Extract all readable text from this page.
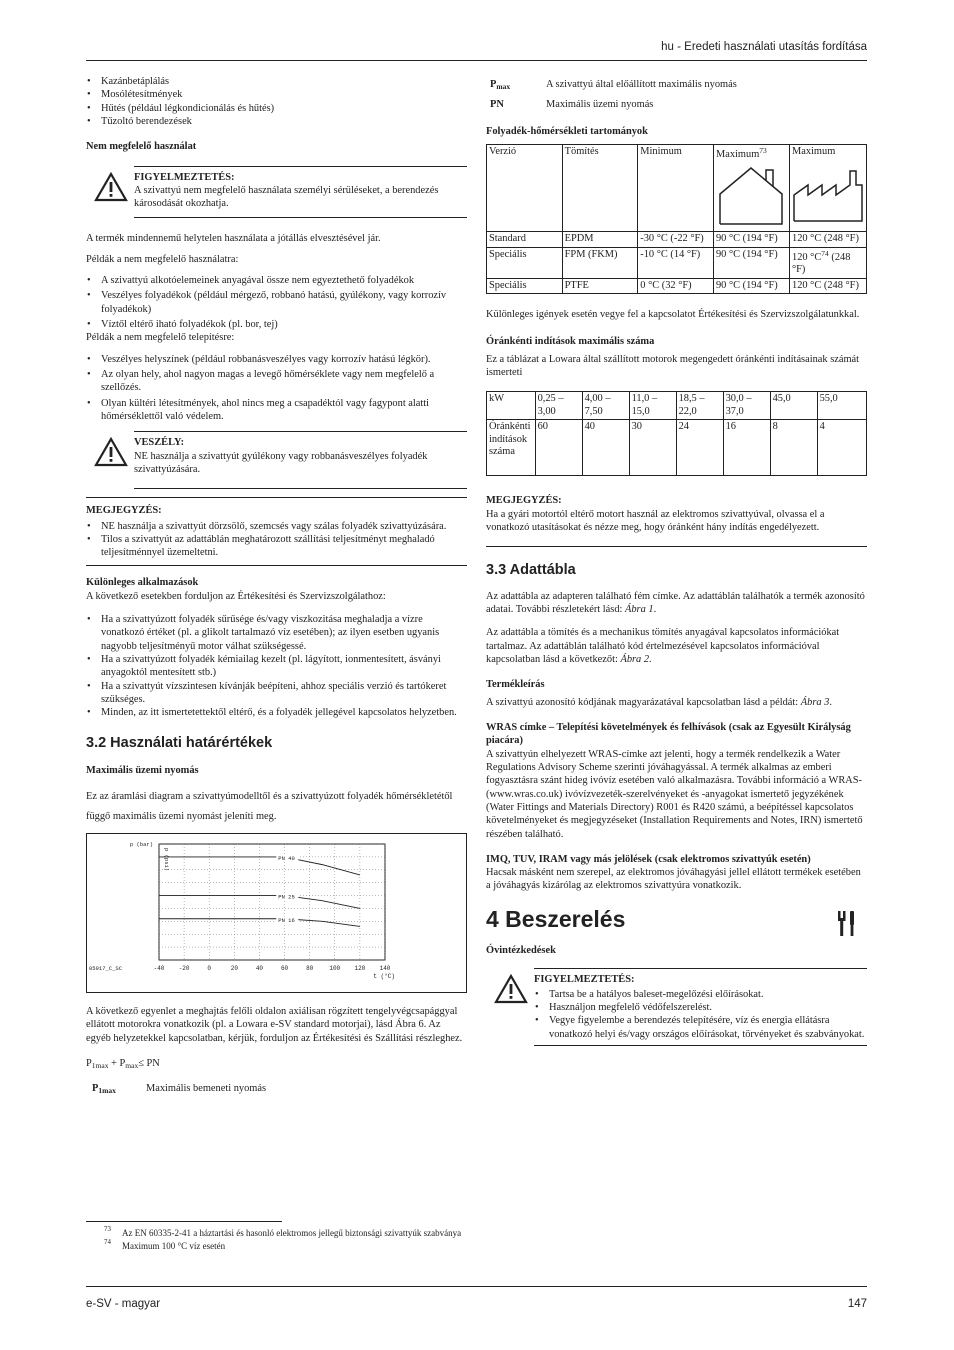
hu - Eredeti használati utasítás fordítása
• Kazánbetáplálás
• Mosólétesítmények
• Hűtés (például légkondicionálás és hűtés)
• Tűzoltó berendezések
Nem megfelelő használat
FIGYELMEZTETÉS:
A szivattyú nem megfelelő használata személyi sérüléseket, a berendezés károsodását okozhatja.
A termék mindennemű helytelen használata a jótállás elvesztésével jár.
Példák a nem megfelelő használatra:
• A szivattyú alkotóelemeinek anyagával össze nem egyeztethető folyadékok
• Veszélyes folyadékok (például mérgező, robbanó hatású, gyúlékony, vagy korrozív folyadékok)
• Víztől eltérő iható folyadékok (pl. bor, tej)
Példák a nem megfelelő telepítésre:
• Veszélyes helyszínek (például robbanásveszélyes vagy korrozív hatású légkör).
• Az olyan hely, ahol nagyon magas a levegő hőmérséklete vagy nem megfelelő a szellőzés.
• Olyan kültéri létesítmények, ahol nincs meg a csapadéktól vagy fagypont alatti hőmérséklettől való védelem.
VESZÉLY:
NE használja a szivattyút gyúlékony vagy robbanásveszélyes folyadék szivattyúzására.
MEGJEGYZÉS:
• NE használja a szivattyút dörzsölő, szemcsés vagy szálas folyadék szivattyúzására.
• Tilos a szivattyút az adattáblán meghatározott szállítási teljesítményt meghaladó teljesítménnyel üzemeltetni.
Különleges alkalmazások
A következő esetekben forduljon az Értékesítési és Szervizszolgálathoz:
• Ha a szivattyúzott folyadék sűrűsége és/vagy viszkozitása meghaladja a vízre vonatkozó értéket (pl. a glikolt tartalmazó víz esetében); az ilyen esetben ugyanis nagyobb teljesítményű motor válhat szükségessé.
• Ha a szivattyúzott folyadék kémiailag kezelt (pl. lágyított, ionmentesített, ásványi anyagoktól mentesített stb.)
• Ha a szivattyút vízszintesen kívánják beépíteni, ahhoz speciális verzió és tartókeret szükséges.
• Minden, az itt ismertetettektől eltérő, és a folyadék jellegével kapcsolatos helyzetben.
3.2 Használati határértékek
Maximális üzemi nyomás
Ez az áramlási diagram a szivattyúmodelltől és a szivattyúzott folyadék hőmérsékletétől függő maximális üzemi nyomást jeleníti meg.
-40 -20	0	20	40	60	80	100 120 140
p (bar)
p (psi)
t (°C)
05917_C_SC
PN 40
PN 25
PN 16
A következő egyenlet a meghajtás felőli oldalon axiálisan rögzített tengelyvégcsapággyal ellátott motorokra vonatkozik (pl. a Lowara e-SV standard motorjai), lásd Ábra 6. Az egyéb helyzetekkel kapcsolatban, kérjük, forduljon az Értékesítési és Szállítási részleghez.
$P_{1max} + P_{max}\le$ PN
$P_{1max}$	Maximális bemeneti nyomás
$P_{max}$	A szivattyú által előállított maximális nyomás
PN	Maximális üzemi nyomás
Folyadék-hőmérsékleti tartományok
Verzió	Tömítés	Minimum	Maximum$^{73}$	Maximum

Standard	EPDM	-30 °C (-22 °F)	90 °C (194 °F)	120 °C (248 °F)
Speciális	FPM (FKM)	-10 °C (14 °F)	90 °C (194 °F)	120 $^\circ C^{74}$ (248 °F)
Speciális	PTFE	0 °C (32 °F)	90 °C (194 °F)	120 °C (248 °F)
Különleges igények esetén vegye fel a kapcsolatot Értékesítési és Szervizszolgálatunkkal.
Óránkénti indítások maximális száma
Ez a táblázat a Lowara által szállított motorok megengedett óránkénti indításainak számát ismerteti
kW	0,25 – 3,00	4,00 – 7,50	11,0 – 15,0	18,5 – 22,0	30,0 – 37,0	45,0	55,0
Óránkénti indítások száma	60	40	30	24	16	8	4
MEGJEGYZÉS:
Ha a gyári motortól eltérő motort használ az elektromos szivattyúval, olvassa el a vonatkozó utasításokat és nézze meg, hogy óránként hány indítás engedélyezett.
3.3 Adattábla
Az adattábla az adapteren található fém címke. Az adattáblán találhatók a termék azonosító adatai. További részletekért lásd: Ábra 1.
Az adattábla a tömítés és a mechanikus tömítés anyagával kapcsolatos információkat tartalmaz. Az adattáblán található kód értelmezésével kapcsolatos információval kapcsolatban lásd a következőt: Ábra 2.
Termékleírás
A szivattyú azonosító kódjának magyarázatával kapcsolatban lásd a példát: Ábra 3.
WRAS címke – Telepítési követelmények és felhívások (csak az Egyesült Királyság piacára)
A szivattyún elhelyezett WRAS-címke azt jelenti, hogy a termék rendelkezik a Water Regulations Advisory Scheme szerinti jóváhagyással. A termék alkalmas az emberi fogyasztásra szánt hideg ivóvíz esetében való alkalmazásra. További információ a WRAS-(www.wras.co.uk) ivóvízvezeték-szerelvényeket és -anyagokat ismertető jegyzékének (Water Fittings and Materials Directory) R001 és R420 számú, a beépítéssel kapcsolatos követelményeket és megjegyzéseket (Installation Requirements and Notes, IRN) ismertető részében található.
IMQ, TUV, IRAM vagy más jelölések (csak elektromos szivattyúk esetén)
Hacsak másként nem szerepel, az elektromos jóváhagyási jellel ellátott termékek esetében a jóváhagyás kizárólag az elektromos szivattyúra vonatkozik.
4 Beszerelés
Óvintézkedések
FIGYELMEZTETÉS:
• Tartsa be a hatályos baleset-megelőzési előírásokat.
• Használjon megfelelő védőfelszerelést.
• Vegye figyelembe a berendezés telepítésére, víz és energia ellátásra vonatkozó helyi és/vagy országos előírásokat, törvényeket és szabványokat.
73 Az EN 60335-2-41 a háztartási és hasonló elektromos jellegű biztonsági szivattyúk szabványa
74 Maximum 100 °C víz esetén
e-SV - magyar	147
